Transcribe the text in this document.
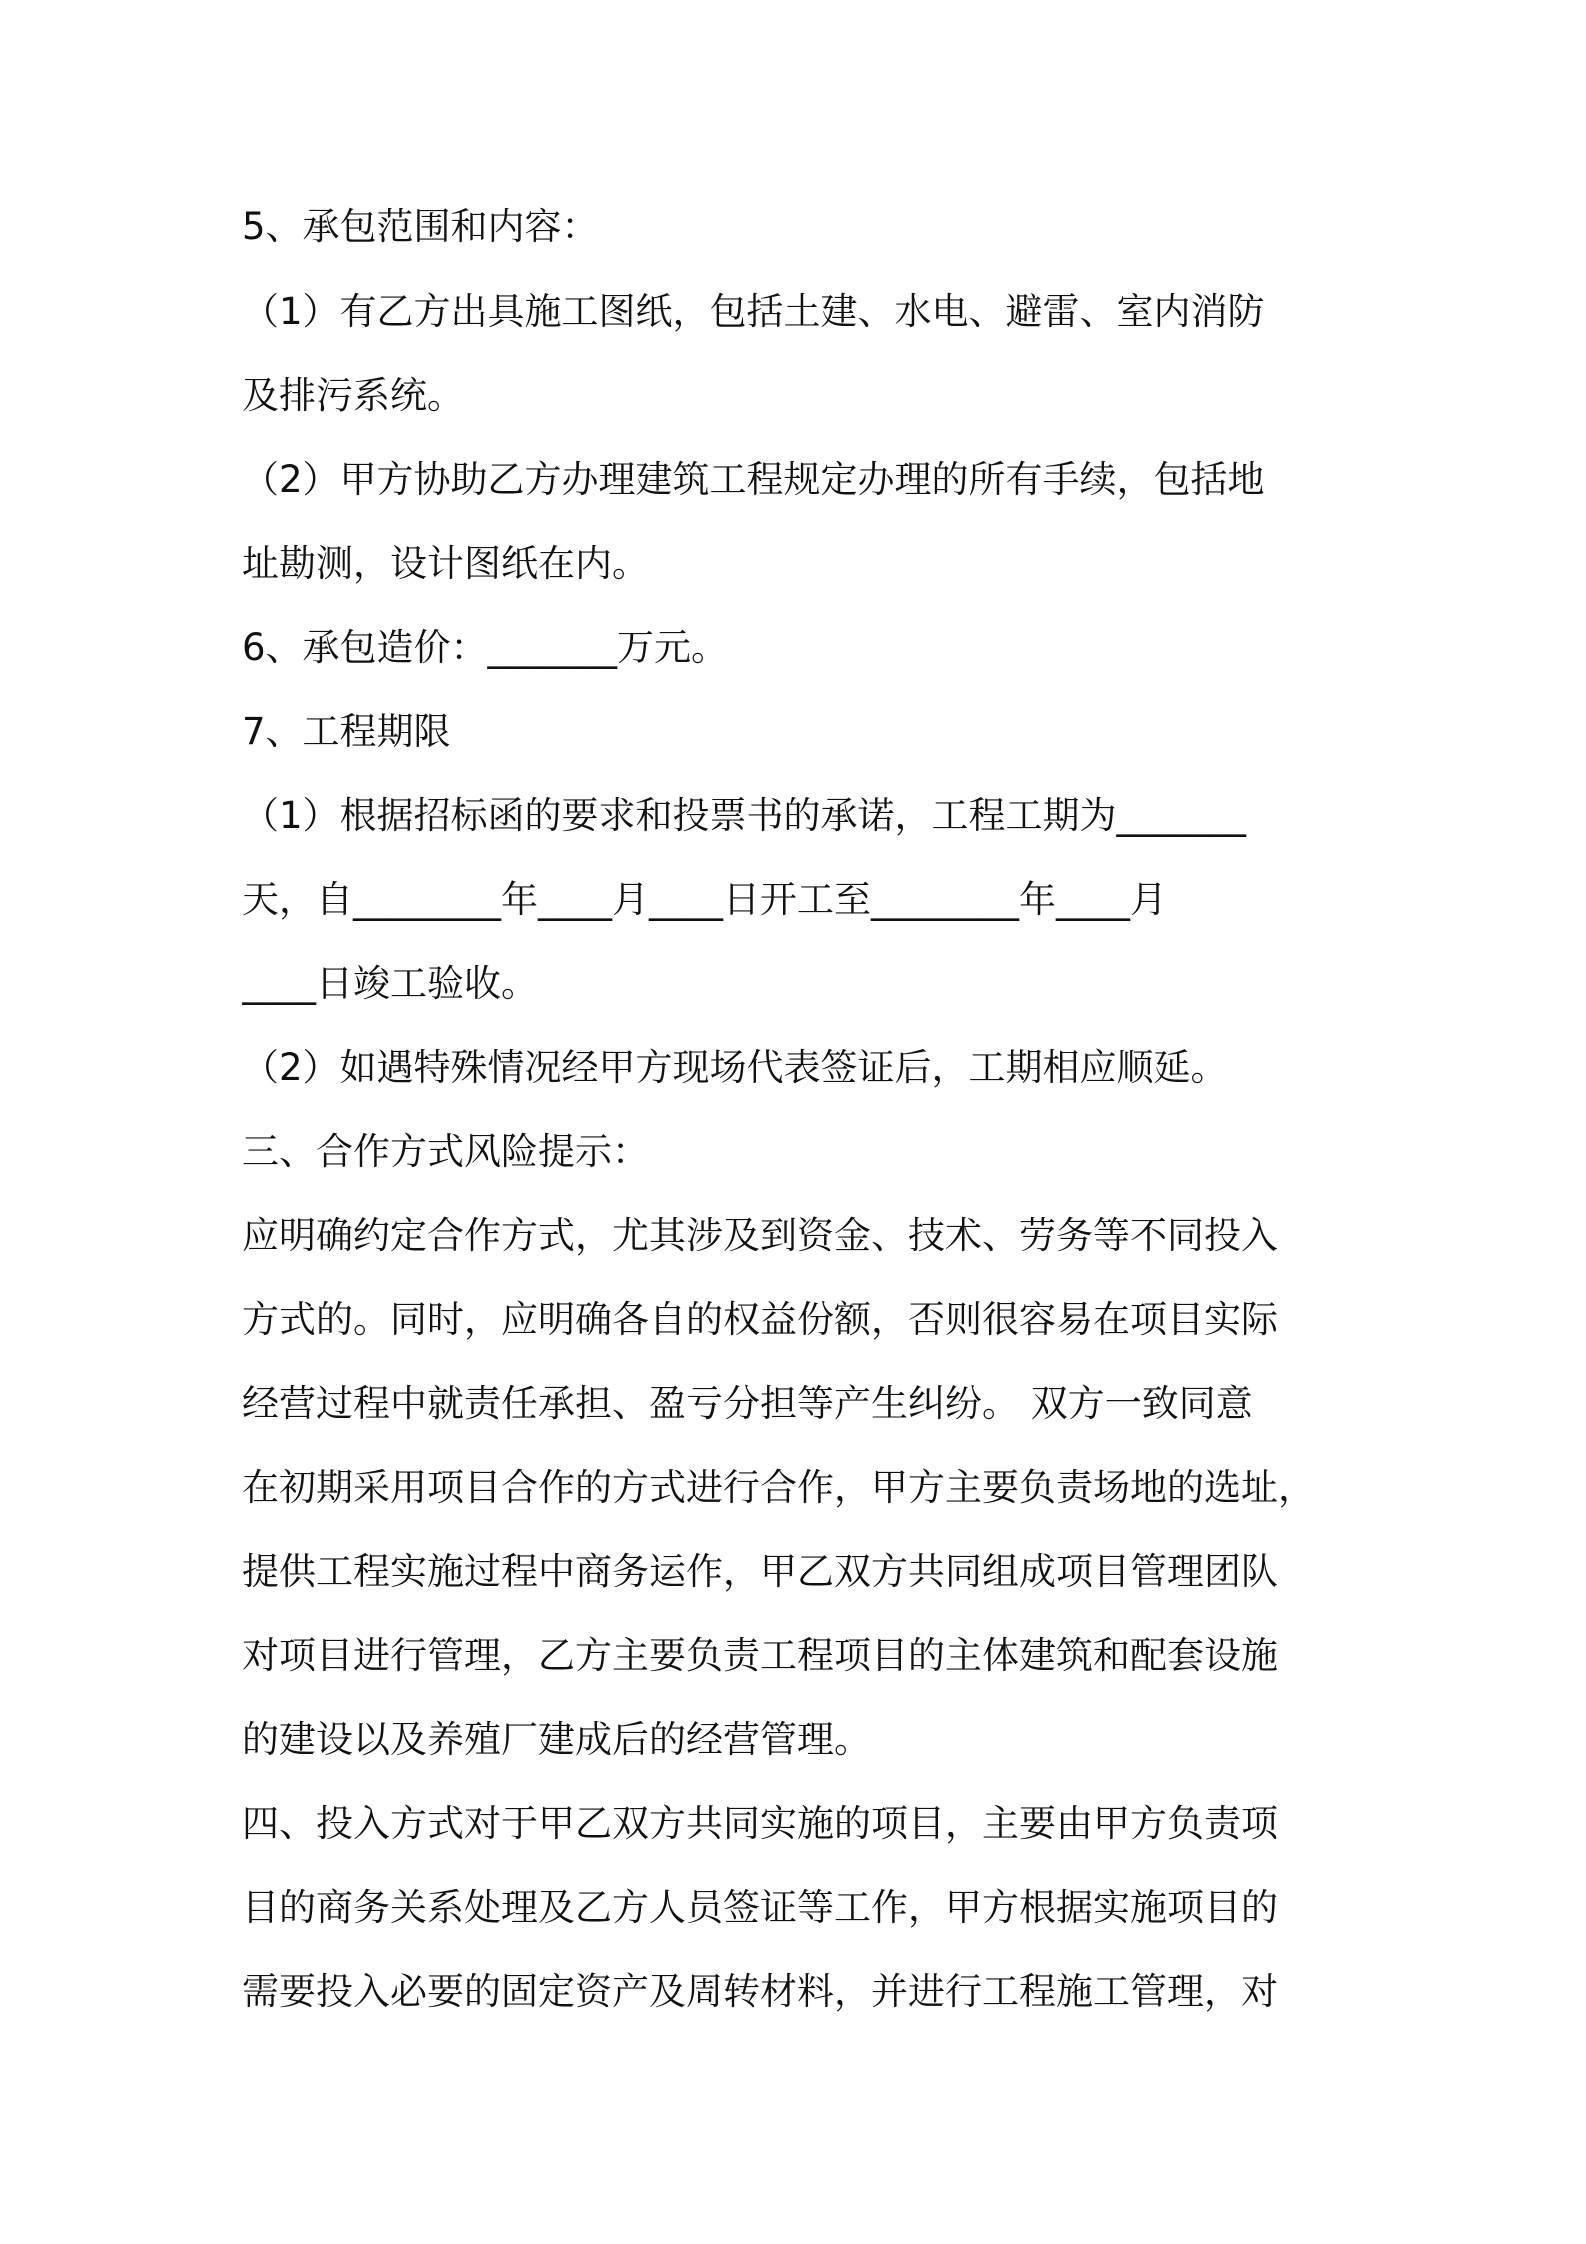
5、承包范围和内容：
（1）有乙方出具施工图纸，包括土建、水电、避雷、室内消防
及排污系统。
（2）甲方协助乙方办理建筑工程规定办理的所有手续，包括地
址勘测，设计图纸在内。
6、承包造价：_______万元。
7、工程期限
（1）根据招标函的要求和投票书的承诺，工程工期为_______
天，自________年____月____日开工至________年____月
____日竣工验收。
（2）如遇特殊情况经甲方现场代表签证后，工期相应顺延。
三、合作方式风险提示：
应明确约定合作方式，尤其涉及到资金、技术、劳务等不同投入
方式的。同时，应明确各自的权益份额，否则很容易在项目实际
经营过程中就责任承担、盈亏分担等产生纠纷。 双方一致同意
在初期采用项目合作的方式进行合作，甲方主要负责场地的选址，
提供工程实施过程中商务运作，甲乙双方共同组成项目管理团队
对项目进行管理，乙方主要负责工程项目的主体建筑和配套设施
的建设以及养殖厂建成后的经营管理。
四、投入方式对于甲乙双方共同实施的项目，主要由甲方负责项
目的商务关系处理及乙方人员签证等工作，甲方根据实施项目的
需要投入必要的固定资产及周转材料，并进行工程施工管理，对
